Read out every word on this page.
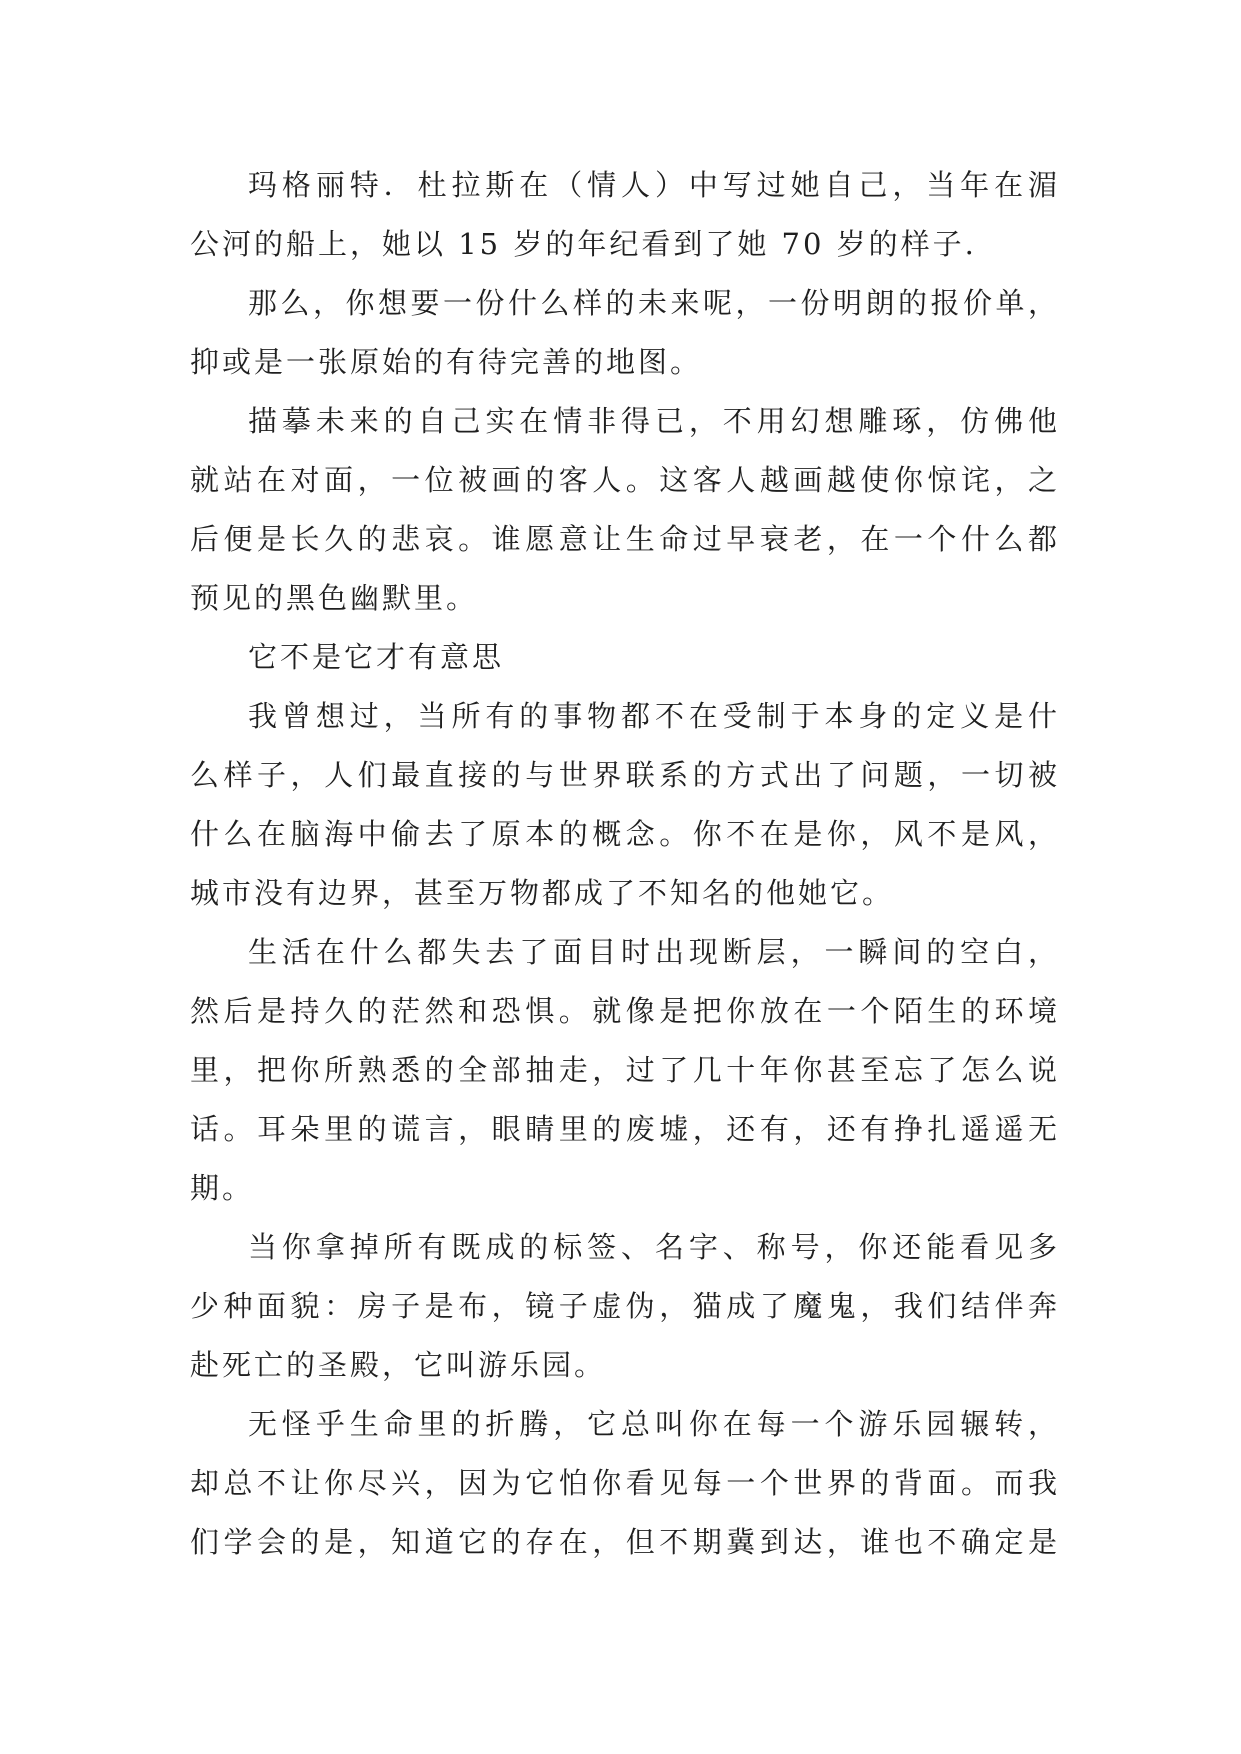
玛格丽特．杜拉斯在（情人）中写过她自己，当年在湄
公河的船上，她以 15 岁的年纪看到了她 70 岁的样子.

那么，你想要一份什么样的未来呢，一份明朗的报价单，
抑或是一张原始的有待完善的地图。

描摹未来的自己实在情非得已，不用幻想雕琢，仿佛他
就站在对面，一位被画的客人。这客人越画越使你惊诧，之
后便是长久的悲哀。谁愿意让生命过早衰老，在一个什么都
预见的黑色幽默里。

它不是它才有意思

我曾想过，当所有的事物都不在受制于本身的定义是什
么样子，人们最直接的与世界联系的方式出了问题，一切被
什么在脑海中偷去了原本的概念。你不在是你，风不是风，
城市没有边界，甚至万物都成了不知名的他她它。

生活在什么都失去了面目时出现断层，一瞬间的空白，
然后是持久的茫然和恐惧。就像是把你放在一个陌生的环境
里，把你所熟悉的全部抽走，过了几十年你甚至忘了怎么说
话。耳朵里的谎言，眼睛里的废墟，还有，还有挣扎遥遥无
期。

当你拿掉所有既成的标签、名字、称号，你还能看见多
少种面貌：房子是布，镜子虚伪，猫成了魔鬼，我们结伴奔
赴死亡的圣殿，它叫游乐园。

无怪乎生命里的折腾，它总叫你在每一个游乐园辗转，
却总不让你尽兴，因为它怕你看见每一个世界的背面。而我
们学会的是，知道它的存在，但不期冀到达，谁也不确定是
